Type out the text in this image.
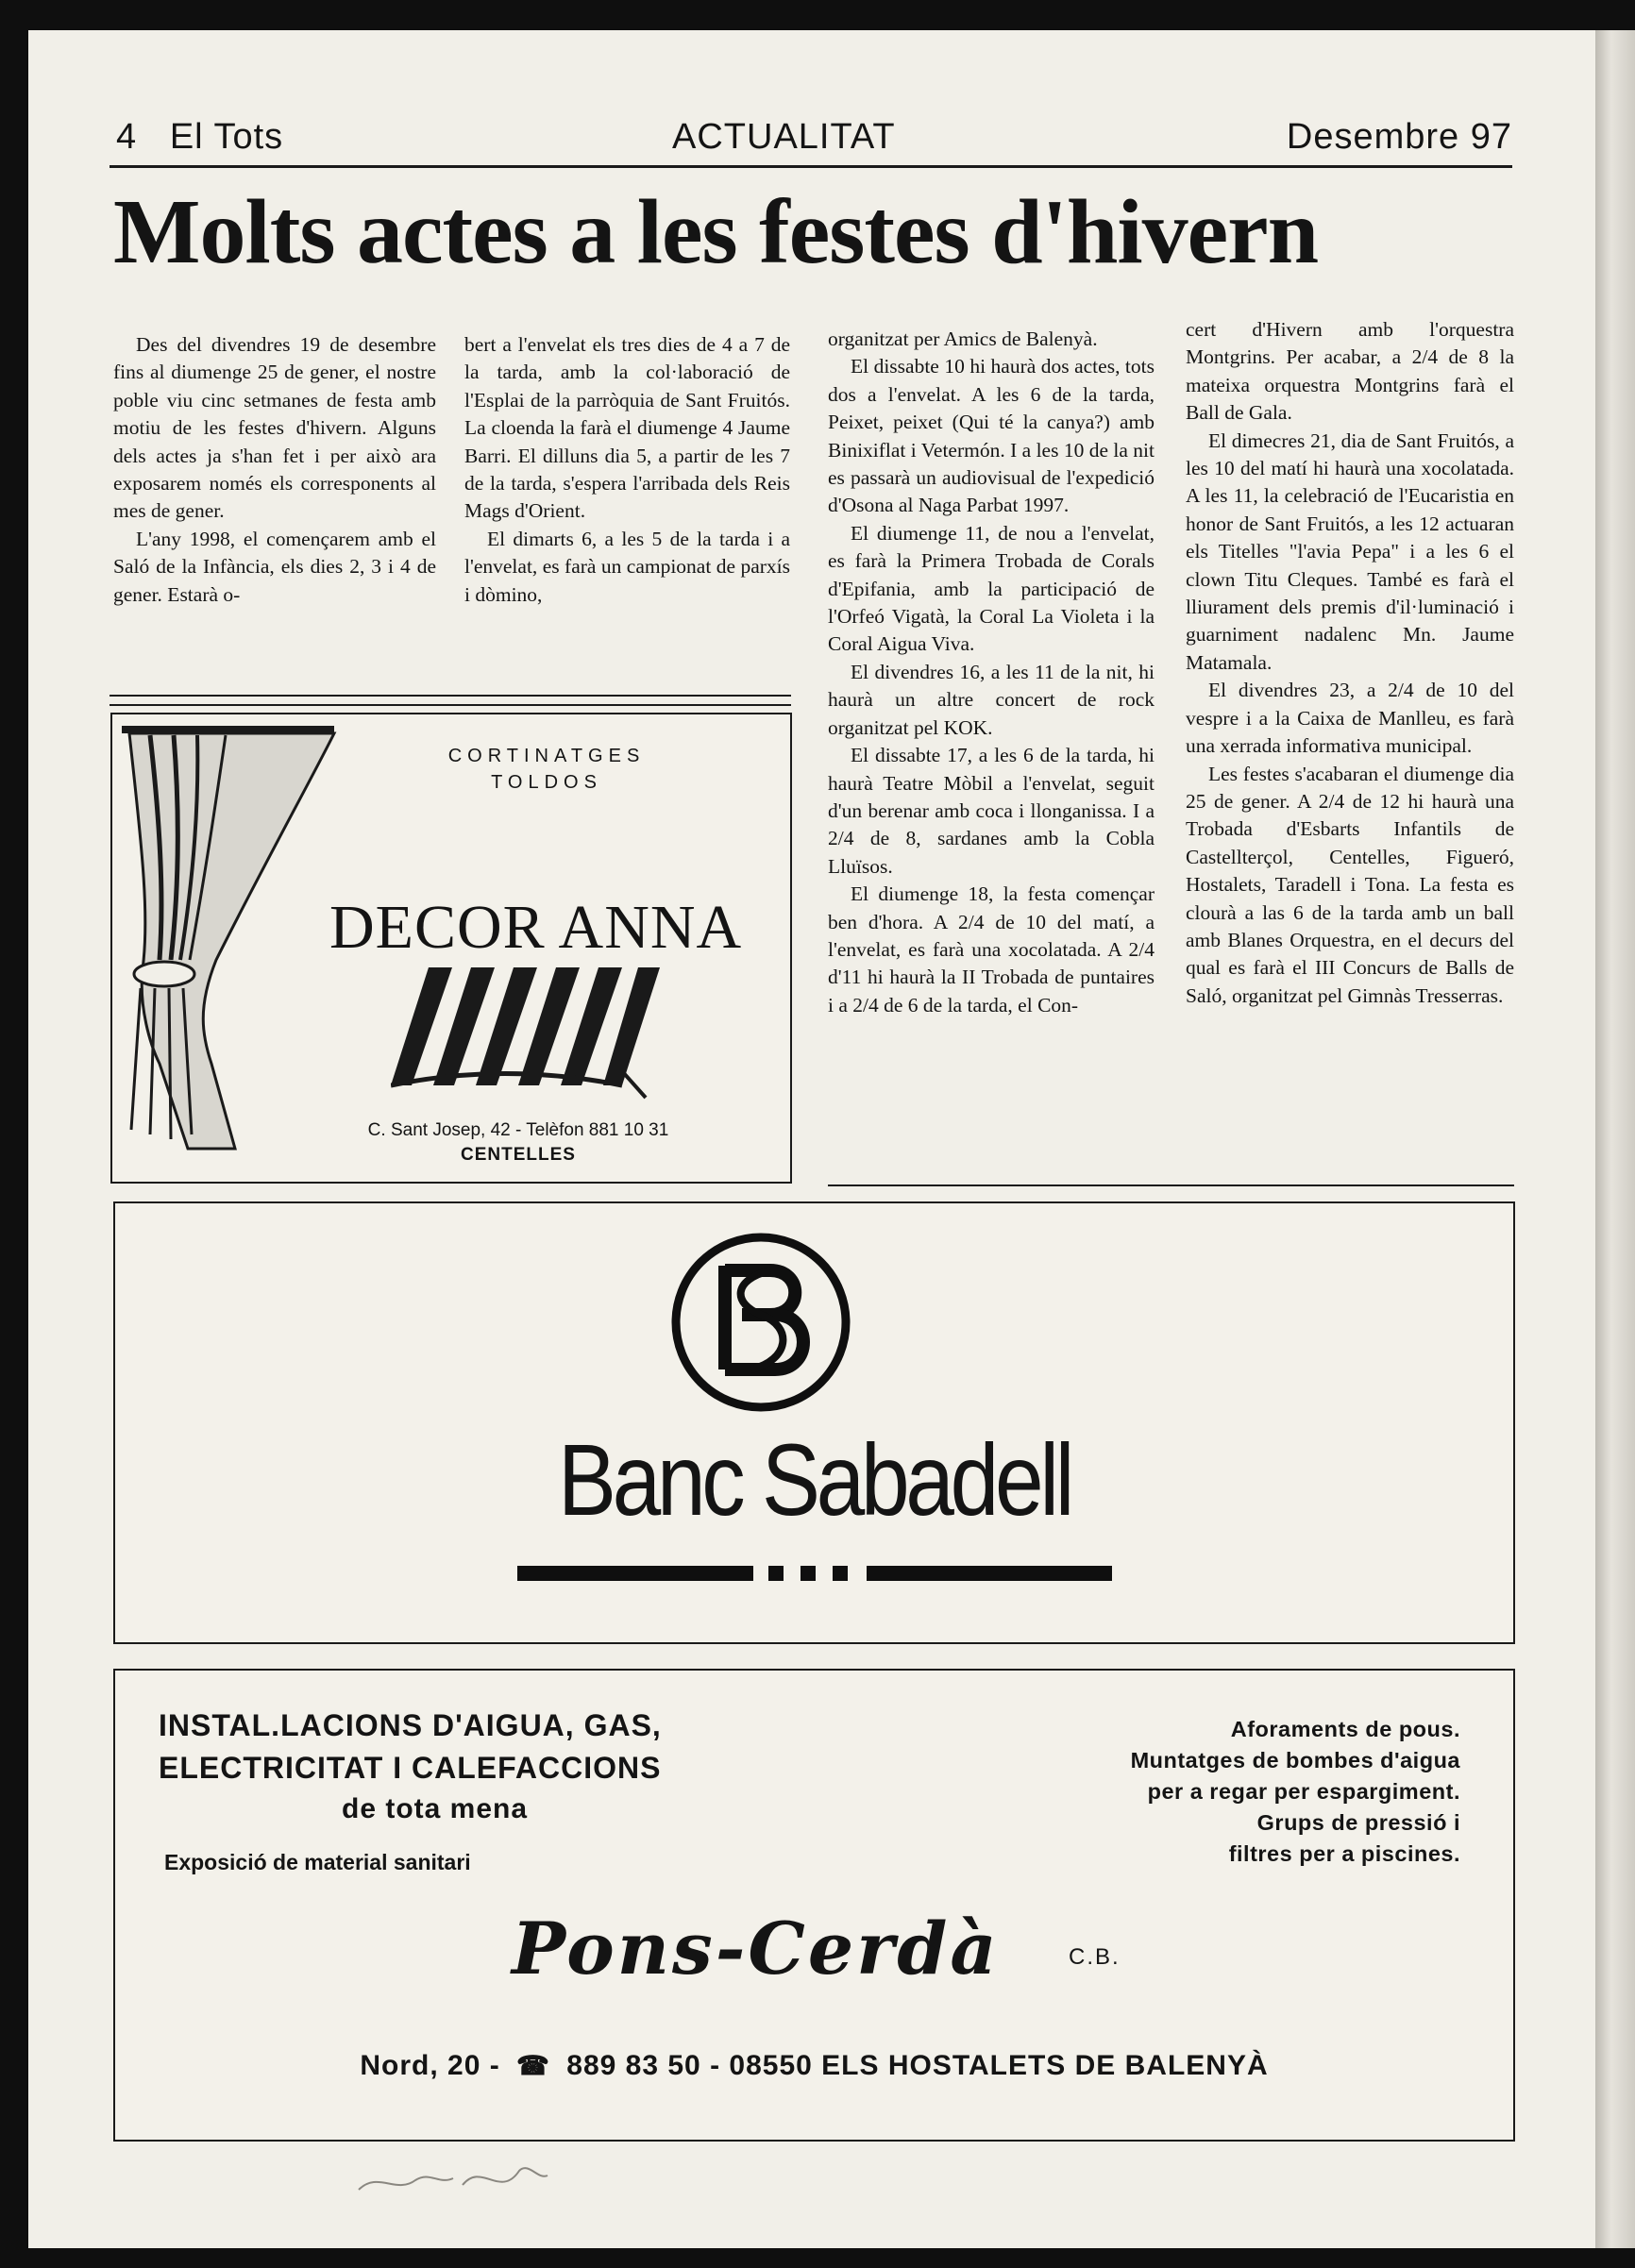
4 El Tots	ACTUALITAT	Desembre 97
Molts actes a les festes d'hivern

Des del divendres 19 de desembre fins al diumenge 25 de gener, el nostre poble viu cinc setmanes de festa amb motiu de les festes d'hivern. Alguns dels actes ja s'han fet i per això ara exposarem només els corresponents al mes de gener.

L'any 1998, el començarem amb el Saló de la Infància, els dies 2, 3 i 4 de gener. Estarà o-

bert a l'envelat els tres dies de 4 a 7 de la tarda, amb la col·laboració de l'Esplai de la parròquia de Sant Fruitós. La cloenda la farà el diumenge 4 Jaume Barri. El dilluns dia 5, a partir de les 7 de la tarda, s'espera l'arribada dels Reis Mags d'Orient.

El dimarts 6, a les 5 de la tarda i a l'envelat, es farà un campionat de parxís i dòmino,

organitzat per Amics de Balenyà.

El dissabte 10 hi haurà dos actes, tots dos a l'envelat. A les 6 de la tarda, Peixet, peixet (Qui té la canya?) amb Binixiflat i Vetermón. I a les 10 de la nit es passarà un audiovisual de l'expedició d'Osona al Naga Parbat 1997.

El diumenge 11, de nou a l'envelat, es farà la Primera Trobada de Corals d'Epifania, amb la participació de l'Orfeó Vigatà, la Coral La Violeta i la Coral Aigua Viva.

El divendres 16, a les 11 de la nit, hi haurà un altre concert de rock organitzat pel KOK.

El dissabte 17, a les 6 de la tarda, hi haurà Teatre Mòbil a l'envelat, seguit d'un berenar amb coca i llonganissa. I a 2/4 de 8, sardanes amb la Cobla Lluïsos.

El diumenge 18, la festa començar ben d'hora. A 2/4 de 10 del matí, a l'envelat, es farà una xocolatada. A 2/4 d'11 hi haurà la II Trobada de puntaires i a 2/4 de 6 de la tarda, el Con-

cert d'Hivern amb l'orquestra Montgrins. Per acabar, a 2/4 de 8 la mateixa orquestra Montgrins farà el Ball de Gala.

El dimecres 21, dia de Sant Fruitós, a les 10 del matí hi haurà una xocolatada. A les 11, la celebració de l'Eucaristia en honor de Sant Fruitós, a les 12 actuaran els Titelles "l'avia Pepa" i a les 6 el clown Titu Cleques. També es farà el lliurament dels premis d'il·luminació i guarniment nadalenc Mn. Jaume Matamala.

El divendres 23, a 2/4 de 10 del vespre i a la Caixa de Manlleu, es farà una xerrada informativa municipal.

Les festes s'acabaran el diumenge dia 25 de gener. A 2/4 de 12 hi haurà una Trobada d'Esbarts Infantils de Castellterçol, Centelles, Figueró, Hostalets, Taradell i Tona. La festa es clourà a las 6 de la tarda amb un ball amb Blanes Orquestra, en el decurs del qual es farà el III Concurs de Balls de Saló, organitzat pel Gimnàs Tresserras.

CORTINATGES
TOLDOS
DECOR ANNA
C. Sant Josep, 42 - Telèfon 881 10 31
CENTELLES
Banc Sabadell
INSTAL.LACIONS D'AIGUA, GAS,
ELECTRICITAT I CALEFACCIONS
de tota mena
Exposició de material sanitari
Aforaments de pous.
Muntatges de bombes d'aigua
per a regar per espargiment.
Grups de pressió i
filtres per a piscines.
Pons-Cerdà	C.B.
Nord, 20 - ☎ 889 83 50 - 08550 ELS HOSTALETS DE BALENYÀ
